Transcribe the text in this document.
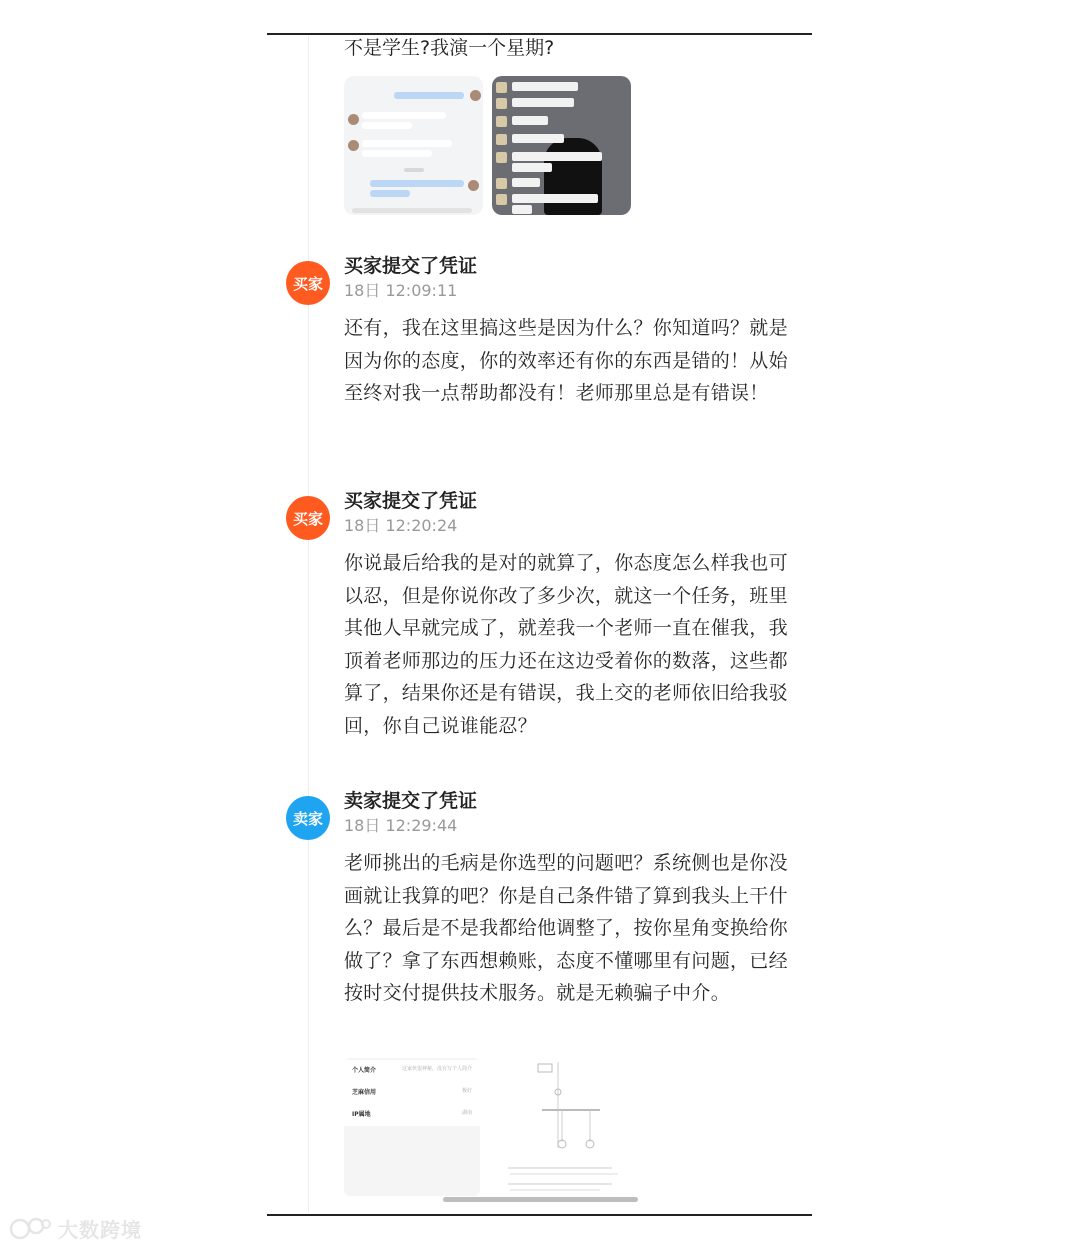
不是学生?我演一个星期?
买家
买家提交了凭证
18日 12:09:11
还有，我在这里搞这些是因为什么？你知道吗？就是因为你的态度，你的效率还有你的东西是错的！从始至终对我一点帮助都没有！老师那里总是有错误！
买家
买家提交了凭证
18日 12:20:24
你说最后给我的是对的就算了，你态度怎么样我也可以忍，但是你说你改了多少次，就这一个任务，班里其他人早就完成了，就差我一个老师一直在催我，我顶着老师那边的压力还在这边受着你的数落，这些都算了，结果你还是有错误，我上交的老师依旧给我驳回，你自己说谁能忍？
卖家
卖家提交了凭证
18日 12:29:44
老师挑出的毛病是你选型的问题吧？系统侧也是你没画就让我算的吧？你是自己条件错了算到我头上干什么？最后是不是我都给他调整了，按你星角变换给你做了？拿了东西想赖账，态度不懂哪里有问题，已经按时交付提供技术服务。就是无赖骗子中介。
个人简介	这家伙很神秘，没有写个人简介
芝麻信用	极好
IP属地	湖南
大数跨境
